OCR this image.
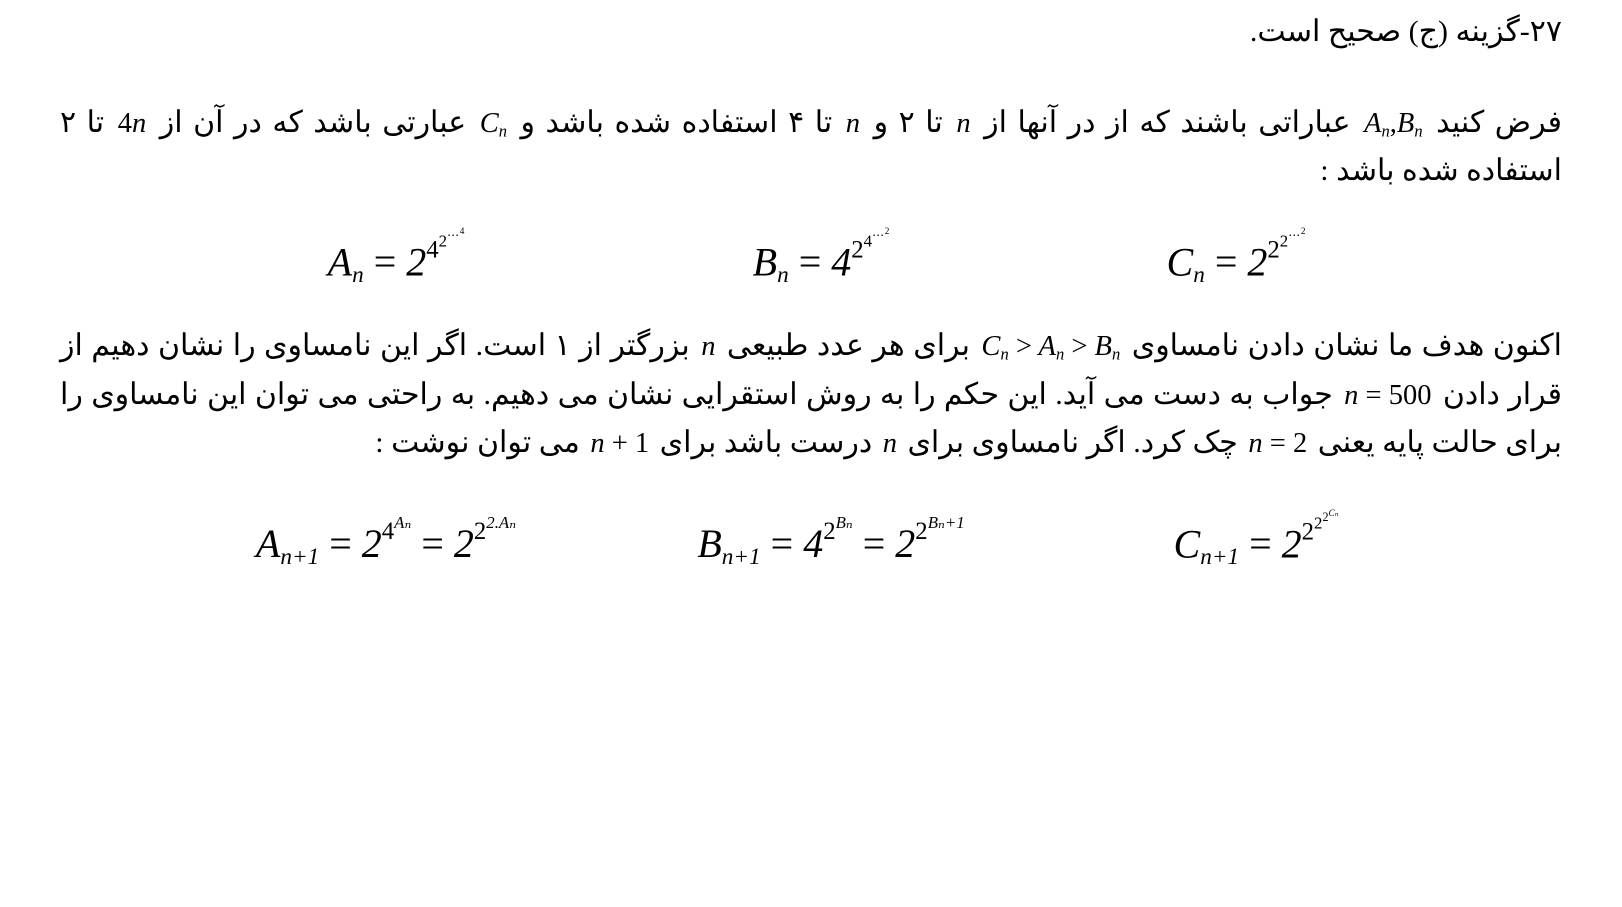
۲۷-گزینه (ج) صحیح است.
فرض کنید An,Bn عباراتی باشند که از در آنها از n تا ۲ و n تا ۴ استفاده شده باشد و Cn عبارتی باشد که در آن از 4n تا ۲ استفاده شده باشد :
An = 242⋯4
Bn = 424⋯2
Cn = 222⋯2
اکنون هدف ما نشان دادن نامساوی Cn > An > Bn برای هر عدد طبیعی n بزرگتر از ۱ است. اگر این نامساوی را نشان دهیم از قرار دادن n = 500 جواب به دست می آید. این حکم را به روش استقرایی نشان می دهیم. به راحتی می توان این نامساوی را برای حالت پایه یعنی n = 2 چک کرد. اگر نامساوی برای n درست باشد برای n + 1 می توان نوشت :
An+1 = 24Aₙ = 222.Aₙ	Bn+1 = 42Bₙ = 22Bₙ+1	Cn+1 = 2222Cₙ
